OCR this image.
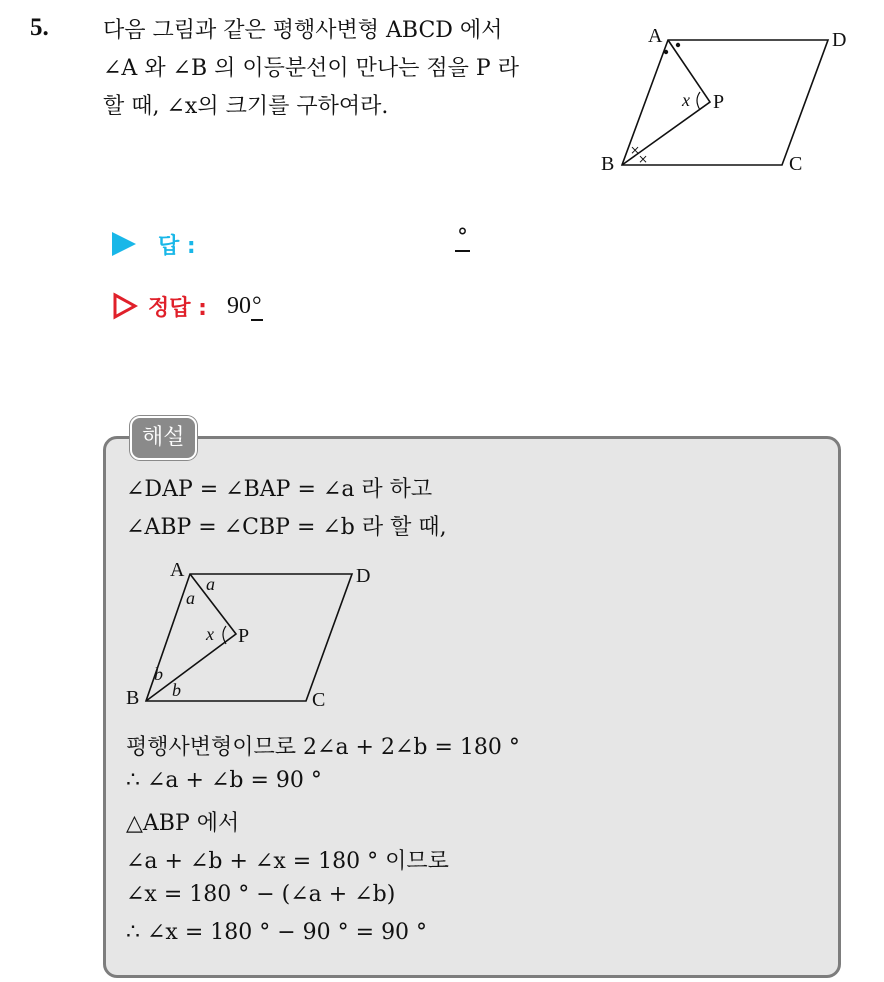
5. 다음 그림과 같은 평행사변형 ABCD 에서
∠A 와 ∠B 의 이등분선이 만나는 점을 P 라
할 때, ∠x의 크기를 구하여라.
×
×
A	D
P
x
B	C
답 :	°
정답 : 90°
해설
∠DAP = ∠BAP = ∠a 라 하고
∠ABP = ∠CBP = ∠b 라 할 때,
A	D
a
a
x P
b
b
B	C
평행사변형이므로 2∠a + 2∠b = 180 °
∴ ∠a + ∠b = 90 °
△ABP 에서
∠a + ∠b + ∠x = 180 ° 이므로
∠x = 180 ° − (∠a + ∠b)
∴ ∠x = 180 ° − 90 ° = 90 °
